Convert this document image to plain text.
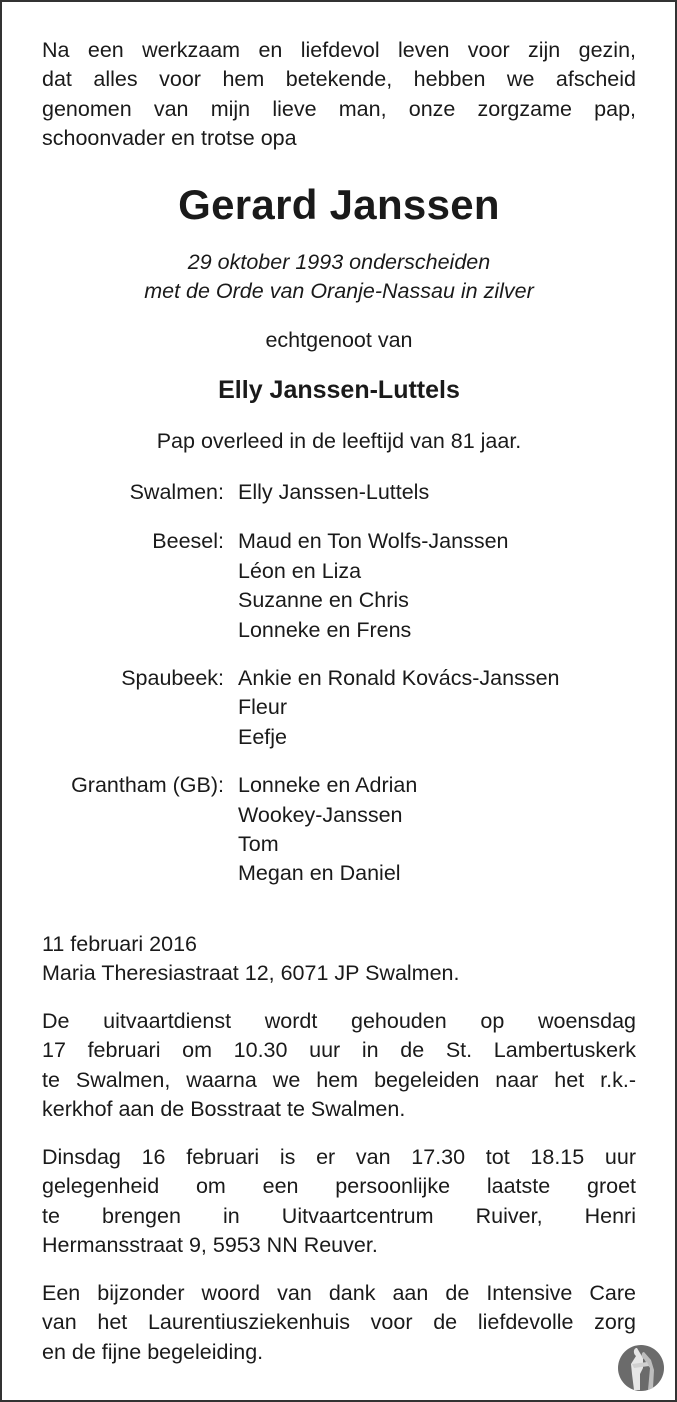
Na een werkzaam en liefdevol leven voor zijn gezin,
dat alles voor hem betekende, hebben we afscheid
genomen van mijn lieve man, onze zorgzame pap,
schoonvader en trotse opa
Gerard Janssen
29 oktober 1993 onderscheiden
met de Orde van Oranje-Nassau in zilver
echtgenoot van
Elly Janssen-Luttels
Pap overleed in de leeftijd van 81 jaar.
Swalmen: Elly Janssen-Luttels
Beesel: Maud en Ton Wolfs-Janssen
Léon en Liza
Suzanne en Chris
Lonneke en Frens
Spaubeek: Ankie en Ronald Kovács-Janssen
Fleur
Eefje
Grantham (GB): Lonneke en Adrian
Wookey-Janssen
Tom
Megan en Daniel
11 februari 2016
Maria Theresiastraat 12, 6071 JP Swalmen.
De uitvaartdienst wordt gehouden op woensdag
17 februari om 10.30 uur in de St. Lambertuskerk
te Swalmen, waarna we hem begeleiden naar het r.k.-
kerkhof aan de Bosstraat te Swalmen.
Dinsdag 16 februari is er van 17.30 tot 18.15 uur
gelegenheid om een persoonlijke laatste groet
te brengen in Uitvaartcentrum Ruiver, Henri
Hermansstraat 9, 5953 NN Reuver.
Een bijzonder woord van dank aan de Intensive Care
van het Laurentiusziekenhuis voor de liefdevolle zorg
en de fijne begeleiding.
